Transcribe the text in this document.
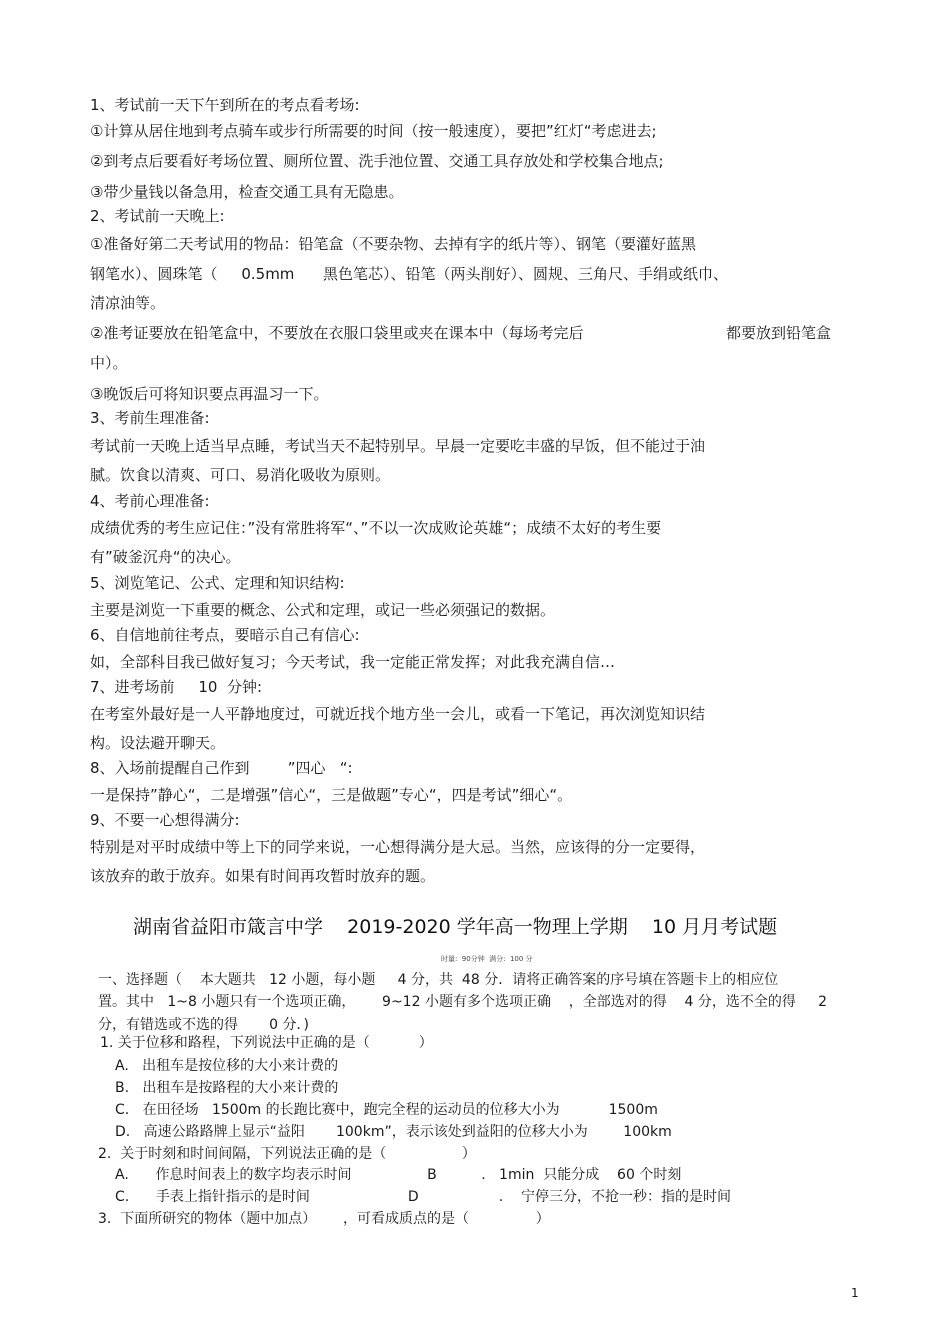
1、考试前一天下午到所在的考点看考场:
①计算从居住地到考点骑车或步行所需要的时间（按一般速度），要把”红灯“考虑进去;
②到考点后要看好考场位置、厕所位置、洗手池位置、交通工具存放处和学校集合地点;
③带少量钱以备急用，检查交通工具有无隐患。
2、考试前一天晚上:
①准备好第二天考试用的物品：铅笔盒（不要杂物、去掉有字的纸片等）、钢笔（要灌好蓝黑
钢笔水）、圆珠笔（     0.5mm      黑色笔芯）、铅笔（两头削好）、圆规、三角尺、手绢或纸巾、
清凉油等。
②准考证要放在铅笔盒中，不要放在衣服口袋里或夹在课本中（每场考完后	都要放到铅笔盒
中）。
③晚饭后可将知识要点再温习一下。
3、考前生理准备:
考试前一天晚上适当早点睡，考试当天不起特别早。早晨一定要吃丰盛的早饭，但不能过于油
腻。饮食以清爽、可口、易消化吸收为原则。
4、考前心理准备:
成绩优秀的考生应记住：”没有常胜将军“、”不以一次成败论英雄“；成绩不太好的考生要
有”破釜沉舟“的决心。
5、浏览笔记、公式、定理和知识结构:
主要是浏览一下重要的概念、公式和定理，或记一些必须强记的数据。
6、自信地前往考点，要暗示自己有信心:
如，全部科目我已做好复习；今天考试，我一定能正常发挥；对此我充满自信…
7、进考场前     10  分钟:
在考室外最好是一人平静地度过，可就近找个地方坐一会儿，或看一下笔记，再次浏览知识结
构。设法避开聊天。
8、入场前提醒自己作到        ”四心   “:
一是保持”静心“，二是增强”信心“，三是做题”专心“，四是考试”细心“。
9、不要一心想得满分:
特别是对平时成绩中等上下的同学来说，一心想得满分是大忌。当然，应该得的分一定要得，
该放弃的敢于放弃。如果有时间再攻暂时放弃的题。
湖南省益阳市箴言中学    2019-2020 学年高一物理上学期    10 月月考试题
时量:  90分钟  满分:  100 分
一、选择题（    本大题共   12 小题，每小题     4 分，共  48 分．请将正确答案的序号填在答题卡上的相应位
置。其中   1~8 小题只有一个选项正确，      9~12 小题有多个选项正确    ，全部选对的得    4 分，选不全的得     2
分，有错选或不选的得       0 分．)
1. 关于位移和路程，下列说法中正确的是（           ）
A.   出租车是按位移的大小来计费的
B.   出租车是按路程的大小来计费的
C.   在田径场   1500m 的长跑比赛中，跑完全程的运动员的位移大小为           1500m
D.   高速公路路牌上显示“益阳       100km”，表示该处到益阳的位移大小为        100km
2.  关于时刻和时间间隔，下列说法正确的是（                 ）
A.      作息时间表上的数字均表示时间                 B          .   1min  只能分成    60 个时刻
C.      手表上指针指示的是时间                      D                  .    宁停三分，不抢一秒：指的是时间
3.  下面所研究的物体（题中加点）      ，可看成质点的是（               ）
1
